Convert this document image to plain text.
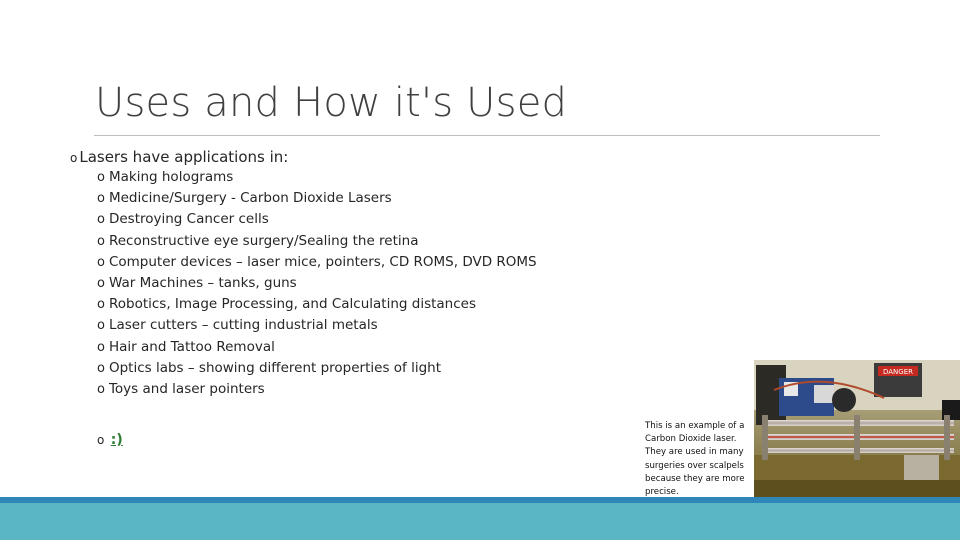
Uses and How it's Used
o Lasers have applications in:
o Making holograms
o Medicine/Surgery - Carbon Dioxide Lasers
o Destroying Cancer cells
o Reconstructive eye surgery/Sealing the retina
o Computer devices – laser mice, pointers, CD ROMS, DVD ROMS
o War Machines – tanks, guns
o Robotics, Image Processing, and Calculating distances
o Laser cutters – cutting industrial metals
o Hair and Tattoo Removal
o Optics labs – showing different properties of light
o Toys and laser pointers
o :)
This is an example of a Carbon Dioxide laser. They are used in many surgeries over scalpels because they are more precise.
DANGER
